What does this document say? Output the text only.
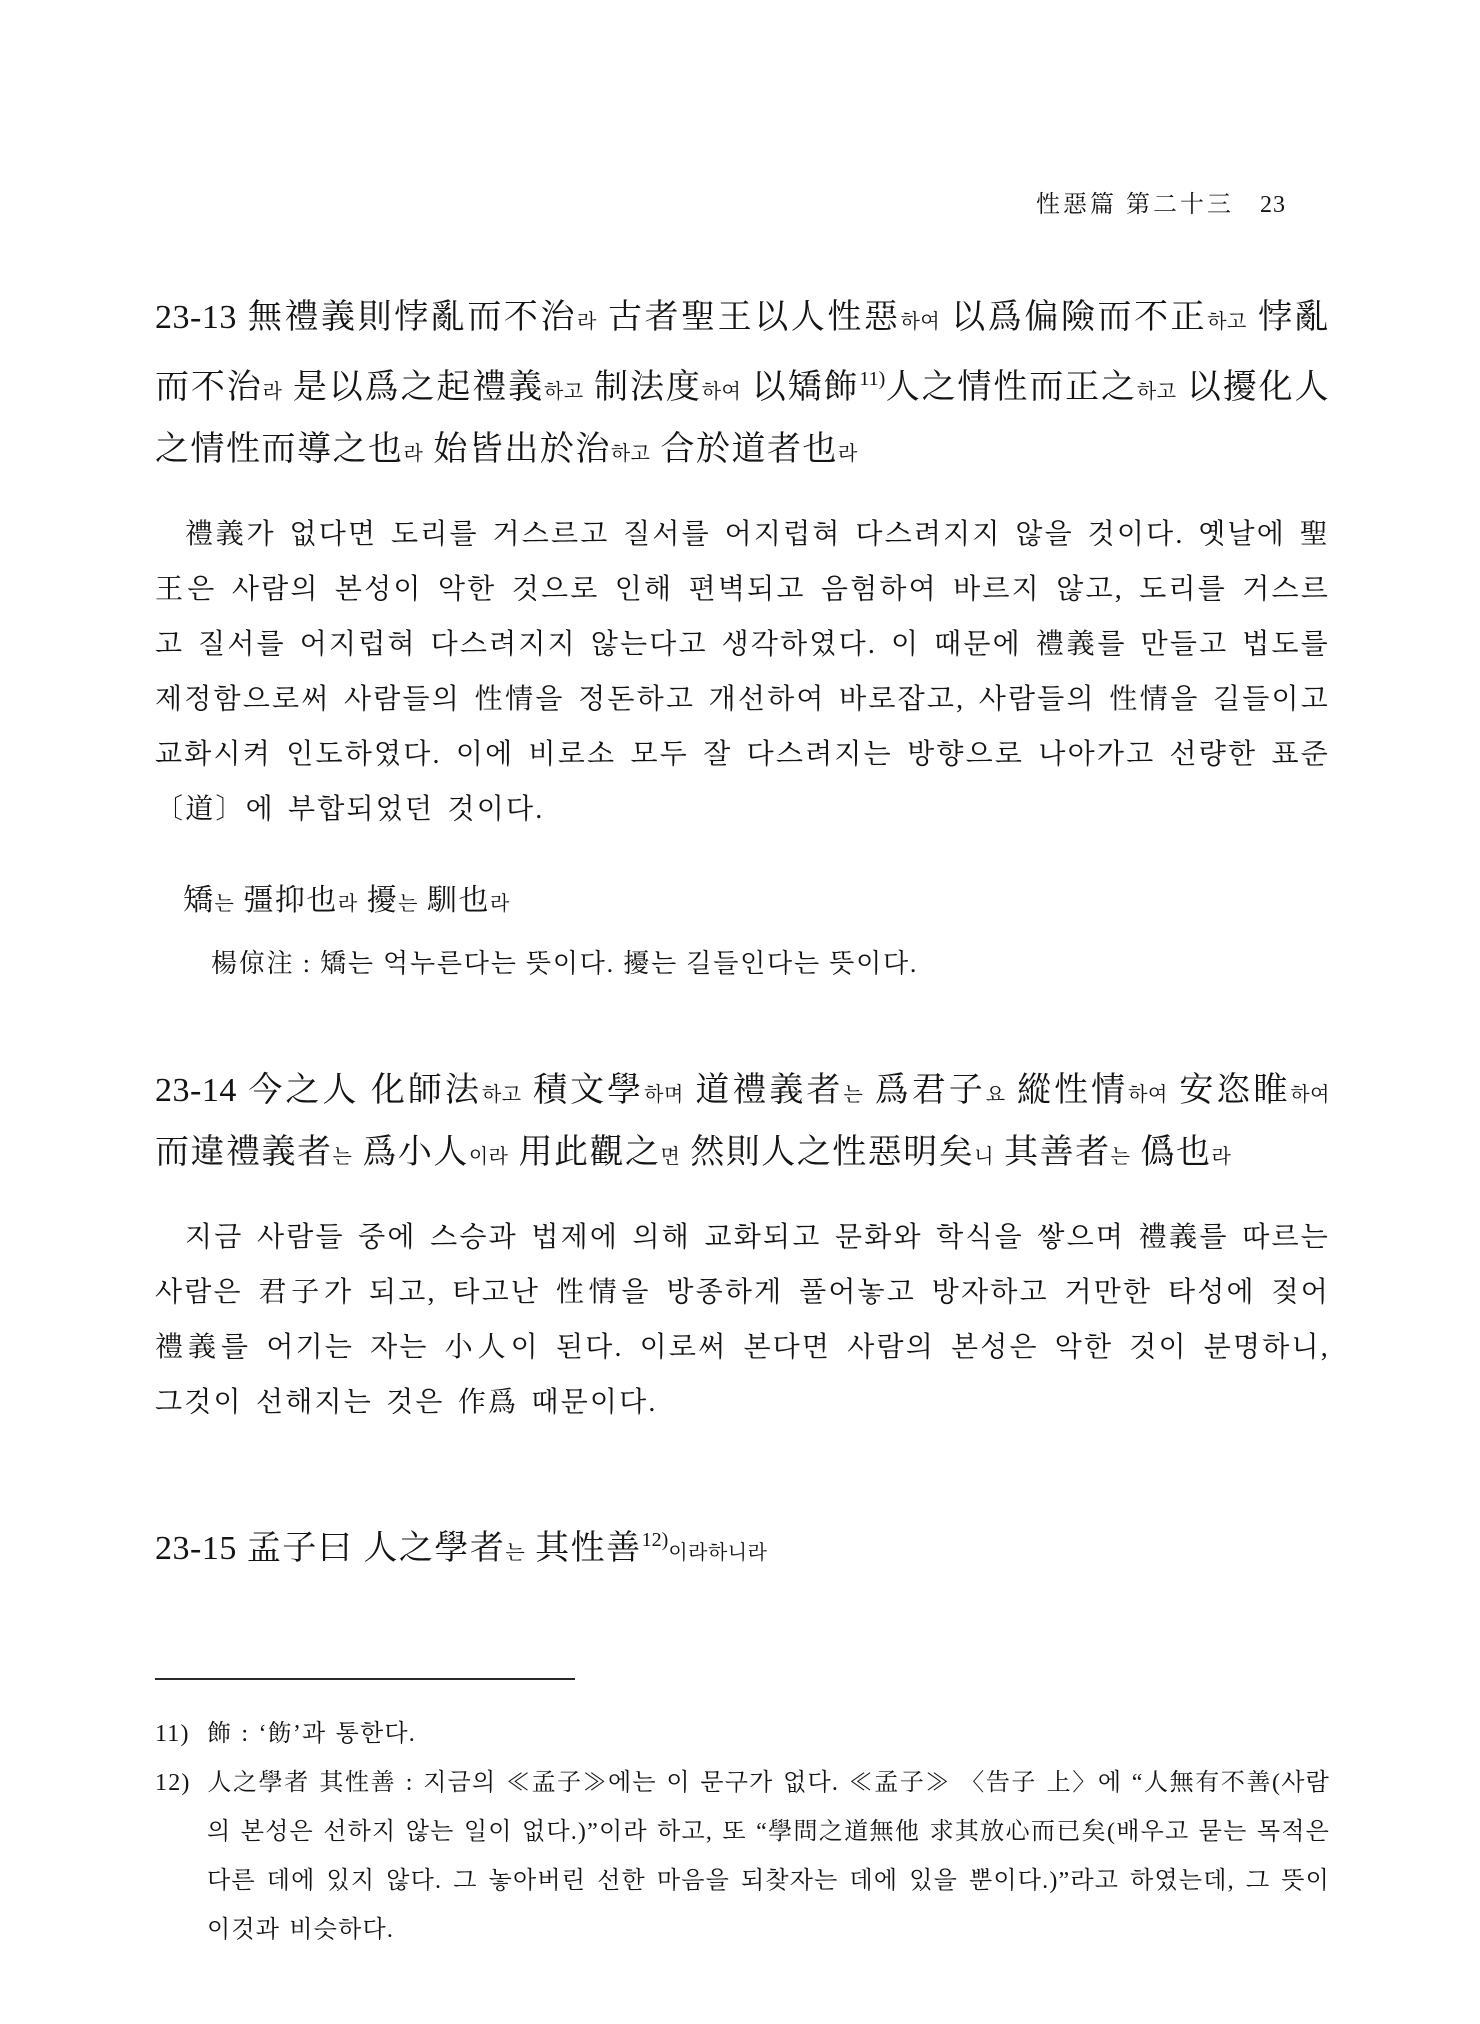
性惡篇 第二十三 23

23-13 無禮義則悖亂而不治라 古者聖王以人性惡하여 以爲偏險而不正하고 悖亂而不治라 是以爲之起禮義하고 制法度하여 以矯飾$^{11)}$人之情性而正之하고 以擾化人之情性而導之也라 始皆出於治하고 合於道者也라

禮義가 없다면 도리를 거스르고 질서를 어지럽혀 다스려지지 않을 것이다. 옛날에 聖王은 사람의 본성이 악한 것으로 인해 편벽되고 음험하여 바르지 않고, 도리를 거스르고 질서를 어지럽혀 다스려지지 않는다고 생각하였다. 이 때문에 禮義를 만들고 법도를 제정함으로써 사람들의 性情을 정돈하고 개선하여 바로잡고, 사람들의 性情을 길들이고 교화시켜 인도하였다. 이에 비로소 모두 잘 다스려지는 방향으로 나아가고 선량한 표준〔道〕에 부합되었던 것이다.

矯는 彊抑也라 擾는 馴也라

楊倞注 : 矯는 억누른다는 뜻이다. 擾는 길들인다는 뜻이다.

23-14 今之人 化師法하고 積文學하며 道禮義者는 爲君子요 縱性情하여 安恣睢하여 而違禮義者는 爲小人이라 用此觀之면 然則人之性惡明矣니 其善者는 僞也라

지금 사람들 중에 스승과 법제에 의해 교화되고 문화와 학식을 쌓으며 禮義를 따르는 사람은 君子가 되고, 타고난 性情을 방종하게 풀어놓고 방자하고 거만한 타성에 젖어 禮義를 어기는 자는 小人이 된다. 이로써 본다면 사람의 본성은 악한 것이 분명하니, 그것이 선해지는 것은 作爲 때문이다.

23-15 孟子曰 人之學者는 其性善$^{12)}$이라하니라

11) 飾 : ‘飭’과 통한다.

12) 人之學者 其性善 : 지금의 ≪孟子≫에는 이 문구가 없다. ≪孟子≫ 〈告子 上〉에 “人無有不善(사람의 본성은 선하지 않는 일이 없다.)”이라 하고, 또 “學問之道無他 求其放心而已矣(배우고 묻는 목적은 다른 데에 있지 않다. 그 놓아버린 선한 마음을 되찾자는 데에 있을 뿐이다.)”라고 하였는데, 그 뜻이 이것과 비슷하다.
